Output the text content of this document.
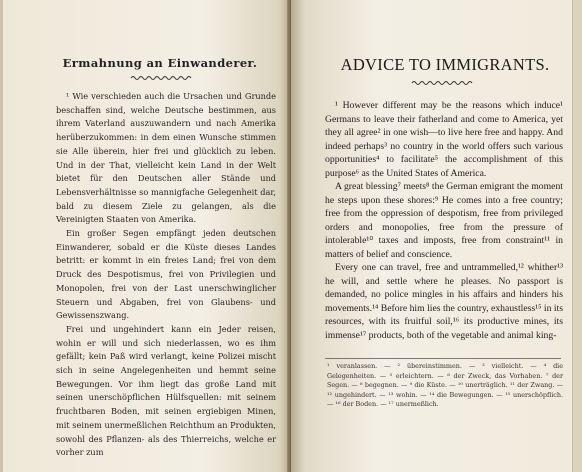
Ermahnung an Einwanderer.

¹ Wie verschieden auch die Ursachen und Grunde beschaffen sind, welche Deutsche bestimmen, aus ihrem Vaterland auszuwandern und nach Amerika herüberzukommen: in dem einen Wunsche stimmen sie Alle überein, hier frei und glücklich zu leben. Und in der That, vielleicht kein Land in der Welt bietet für den Deutschen aller Stände und Lebensverhältnisse so mannigfache Gelegenheit dar, bald zu diesem Ziele zu gelangen, als die Vereinigten Staaten von Amerika.

Ein großer Segen empfängt jeden deutschen Einwanderer, sobald er die Küste dieses Landes betritt: er kommt in ein freies Land; frei von dem Druck des Despotismus, frei von Privilegien und Monopolen, frei von der Last unerschwinglicher Steuern und Abgaben, frei von Glaubens- und Gewissenszwang.

Frei und ungehindert kann ein Jeder reisen, wohin er will und sich niederlassen, wo es ihm gefällt; kein Paß wird verlangt, keine Polizei mischt sich in seine Angelegenheiten und hemmt seine Bewegungen. Vor ihm liegt das große Land mit seinen unerschöpflichen Hülfsquellen: mit seinem fruchtbaren Boden, mit seinen ergiebigen Minen, mit seinem unermeßlichen Reichthum an Produkten, sowohl des Pflanzen- als des Thierreichs, welche er vorher zum

ADVICE TO IMMIGRANTS.

¹ However different may be the reasons which induce¹ Germans to leave their fatherland and come to America, yet they all agree² in one wish—to live here free and happy. And indeed perhaps³ no country in the world offers such various opportunities⁴ to facilitate⁵ the accomplishment of this purpose⁶ as the United States of America.

A great blessing⁷ meets⁸ the German emigrant the moment he steps upon these shores:⁹ He comes into a free country; free from the oppression of despotism, free from privileged orders and monopolies, free from the pressure of intolerable¹⁰ taxes and imposts, free from constraint¹¹ in matters of belief and conscience.

Every one can travel, free and untrammelled,¹² whither¹³ he will, and settle where he pleases. No passport is demanded, no police mingles in his affairs and hinders his movements.¹⁴ Before him lies the country, exhaustless¹⁵ in its resources, with its fruitful soil,¹⁶ its productive mines, its immense¹⁷ products, both of the vegetable and animal king-

¹ veranlassen. — ² übereinstimmen. — ³ vielleicht. — ⁴ die Gelegenheiten. — ⁵ erleichtern. — ⁶ der Zweck, das Vorhaben. ⁷ der Segen. — ⁸ begegnen. — ⁹ die Küste. — ¹⁰ unerträglich. ¹¹ der Zwang. — ¹² ungehindert. — ¹³ wohin. — ¹⁴ die Bewegungen. — ¹⁵ unerschöpflich. — ¹⁶ der Boden. — ¹⁷ unermeßlich.
